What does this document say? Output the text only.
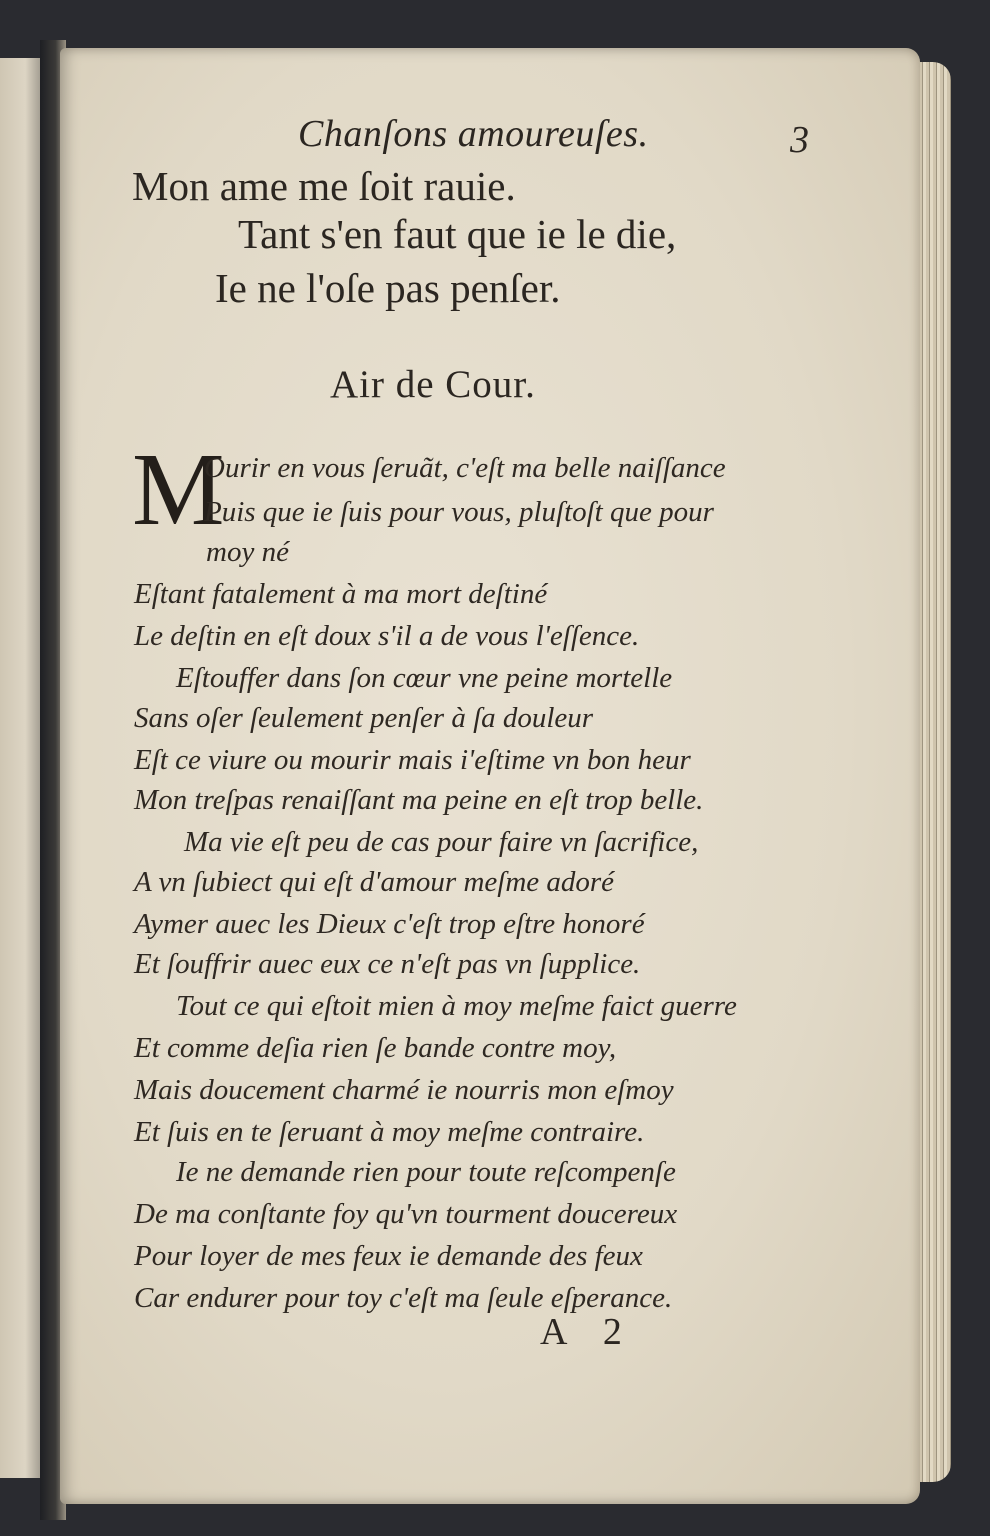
Chanſons amoureuſes.	3
Mon ame me ſoit rauie.
Tant s'en faut que ie le die,
Ie ne l'oſe pas penſer.
Air de Cour.
M
Ourir en vous ſeruãt, c'eſt ma belle naiſſance
Puis que ie ſuis pour vous, pluſtoſt que pour
moy né
Eſtant fatalement à ma mort deſtiné
Le deſtin en eſt doux s'il a de vous l'eſſence.
Eſtouffer dans ſon cœur vne peine mortelle
Sans oſer ſeulement penſer à ſa douleur
Eſt ce viure ou mourir mais i'eſtime vn bon heur
Mon treſpas renaiſſant ma peine en eſt trop belle.
Ma vie eſt peu de cas pour faire vn ſacrifice,
A vn ſubiect qui eſt d'amour meſme adoré
Aymer auec les Dieux c'eſt trop eſtre honoré
Et ſouffrir auec eux ce n'eſt pas vn ſupplice.
Tout ce qui eſtoit mien à moy meſme faict guerre
Et comme deſia rien ſe bande contre moy,
Mais doucement charmé ie nourris mon eſmoy
Et ſuis en te ſeruant à moy meſme contraire.
Ie ne demande rien pour toute reſcompenſe
De ma conſtante foy qu'vn tourment doucereux
Pour loyer de mes feux ie demande des feux
Car endurer pour toy c'eſt ma ſeule eſperance.
A 2
